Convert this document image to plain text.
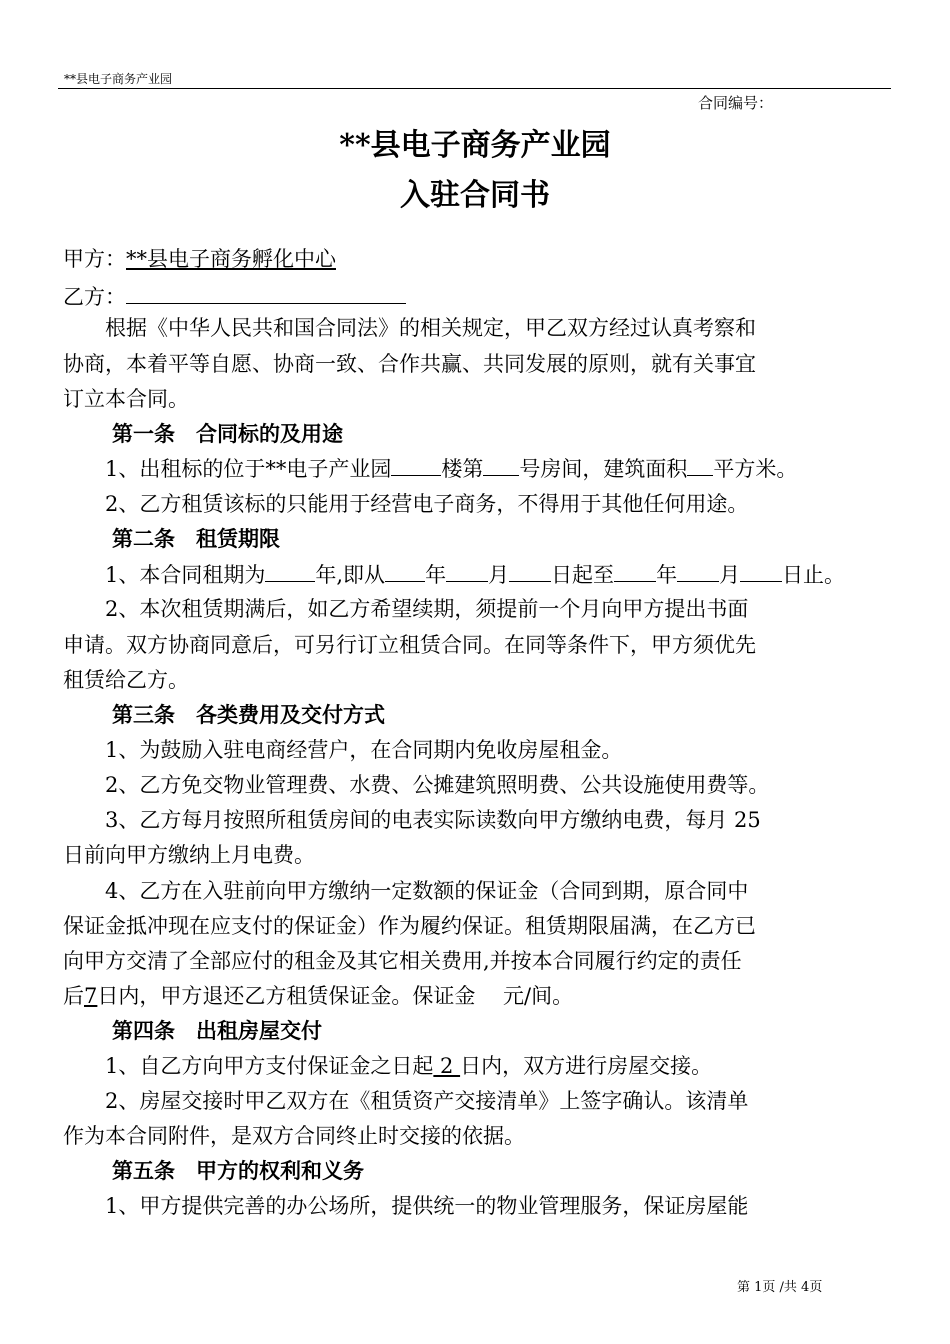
**县电子商务产业园
合同编号：
**县电子商务产业园
入驻合同书
甲方：**县电子商务孵化中心
乙方：
　　根据《中华人民共和国合同法》的相关规定，甲乙双方经过认真考察和
协商，本着平等自愿、协商一致、合作共赢、共同发展的原则，就有关事宜
订立本合同。
第一条　合同标的及用途
　　1、出租标的位于**电子产业园 楼第 号房间，建筑面积 平方米。
　　2、乙方租赁该标的只能用于经营电子商务，不得用于其他任何用途。
第二条　租赁期限
　　1、本合同租期为 年,即从 年 月 日起至 年 月 日止。
　　2、本次租赁期满后，如乙方希望续期，须提前一个月向甲方提出书面
申请。双方协商同意后，可另行订立租赁合同。在同等条件下，甲方须优先
租赁给乙方。
第三条　各类费用及交付方式
　　1、为鼓励入驻电商经营户，在合同期内免收房屋租金。
　　2、乙方免交物业管理费、水费、公摊建筑照明费、公共设施使用费等。
　　3、乙方每月按照所租赁房间的电表实际读数向甲方缴纳电费，每月 25
日前向甲方缴纳上月电费。
　　4、乙方在入驻前向甲方缴纳一定数额的保证金（合同到期，原合同中
保证金抵冲现在应支付的保证金）作为履约保证。租赁期限届满，在乙方已
向甲方交清了全部应付的租金及其它相关费用,并按本合同履行约定的责任
后7日内，甲方退还乙方租赁保证金。保证金　 元/间。
第四条　出租房屋交付
　　1、自乙方向甲方支付保证金之日起 2 日内，双方进行房屋交接。
　　2、房屋交接时甲乙双方在《租赁资产交接清单》上签字确认。该清单
作为本合同附件，是双方合同终止时交接的依据。
第五条　甲方的权利和义务
　　1、甲方提供完善的办公场所，提供统一的物业管理服务，保证房屋能
第 1页 /共 4页
